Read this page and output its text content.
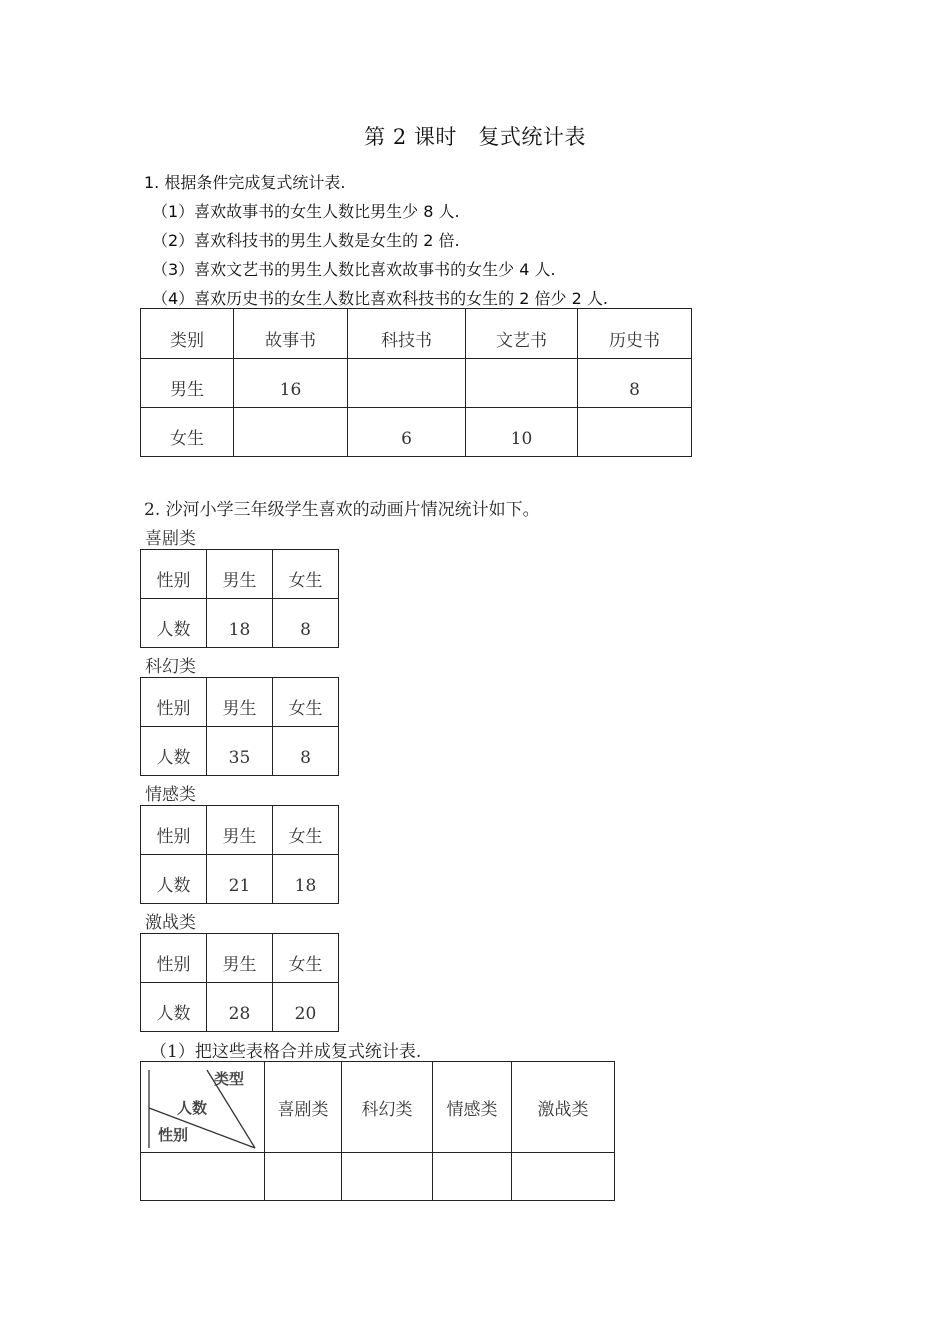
第 2 课时　复式统计表
1. 根据条件完成复式统计表.
（1）喜欢故事书的女生人数比男生少 8 人.
（2）喜欢科技书的男生人数是女生的 2 倍.
（3）喜欢文艺书的男生人数比喜欢故事书的女生少 4 人.
（4）喜欢历史书的女生人数比喜欢科技书的女生的 2 倍少 2 人.
类别	故事书	科技书	文艺书	历史书
男生	16			8
女生		6	10	
2. 沙河小学三年级学生喜欢的动画片情况统计如下。
喜剧类
性别	男生	女生
人数	18	8
科幻类
性别	男生	女生
人数	35	8
情感类
性别	男生	女生
人数	21	18
激战类
性别	男生	女生
人数	28	20
（1）把这些表格合并成复式统计表.
类型
人数
性别	喜剧类	科幻类	情感类	激战类
